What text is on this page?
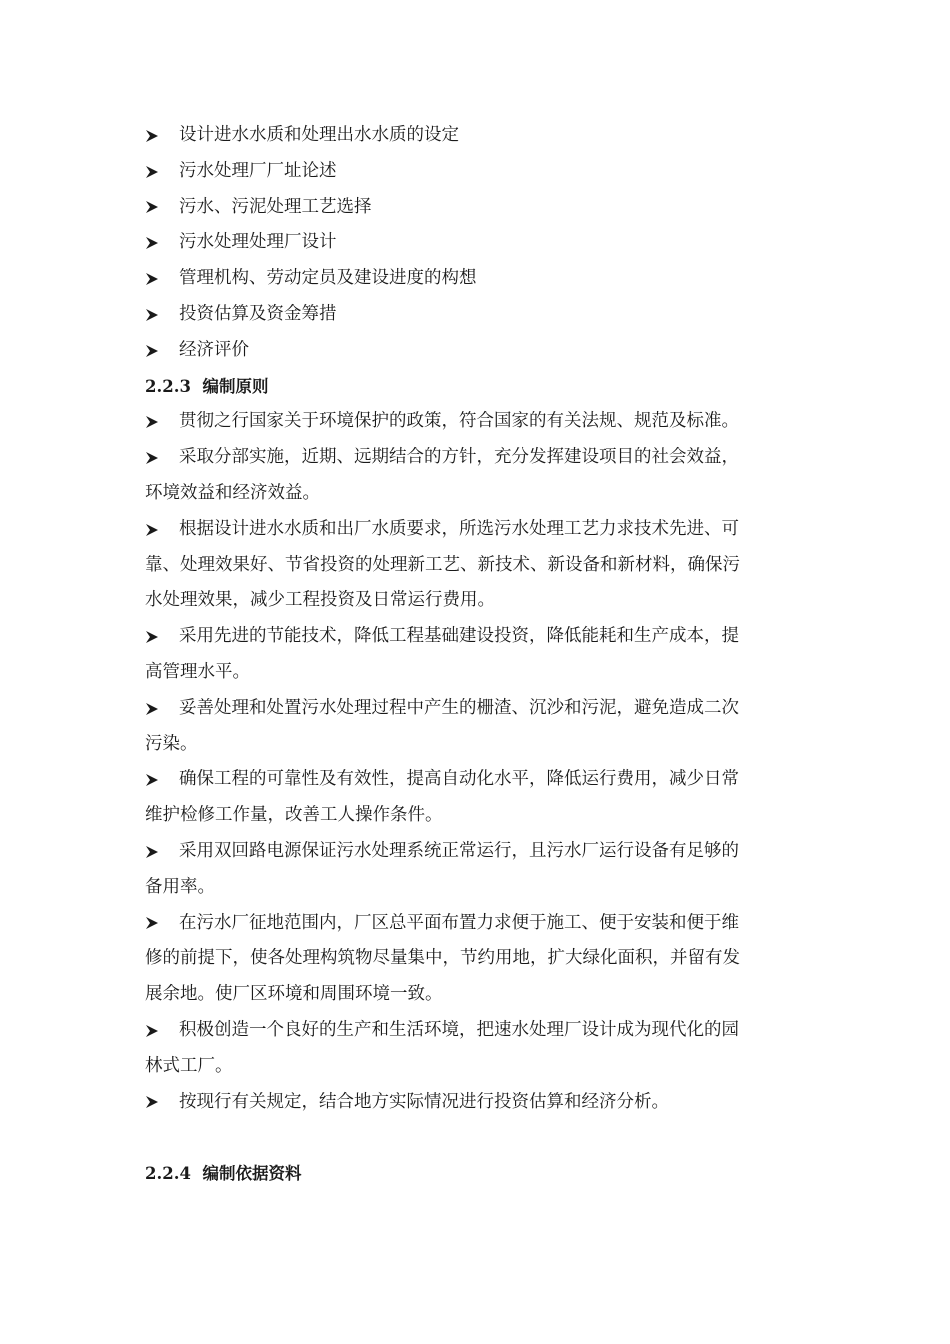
设计进水水质和处理出水水质的设定
污水处理厂厂址论述
污水、污泥处理工艺选择
污水处理处理厂设计
管理机构、劳动定员及建设进度的构想
投资估算及资金筹措
经济评价
2.2.3 编制原则
贯彻之行国家关于环境保护的政策，符合国家的有关法规、规范及标准。
采取分部实施，近期、远期结合的方针，充分发挥建设项目的社会效益，
环境效益和经济效益。
根据设计进水水质和出厂水质要求，所选污水处理工艺力求技术先进、可
靠、处理效果好、节省投资的处理新工艺、新技术、新设备和新材料，确保污
水处理效果，减少工程投资及日常运行费用。
采用先进的节能技术，降低工程基础建设投资，降低能耗和生产成本，提
高管理水平。
妥善处理和处置污水处理过程中产生的栅渣、沉沙和污泥，避免造成二次
污染。
确保工程的可靠性及有效性，提高自动化水平，降低运行费用，减少日常
维护检修工作量，改善工人操作条件。
采用双回路电源保证污水处理系统正常运行，且污水厂运行设备有足够的
备用率。
在污水厂征地范围内，厂区总平面布置力求便于施工、便于安装和便于维
修的前提下，使各处理构筑物尽量集中，节约用地，扩大绿化面积，并留有发
展余地。使厂区环境和周围环境一致。
积极创造一个良好的生产和生活环境，把速水处理厂设计成为现代化的园
林式工厂。
按现行有关规定，结合地方实际情况进行投资估算和经济分析。
2.2.4 编制依据资料
